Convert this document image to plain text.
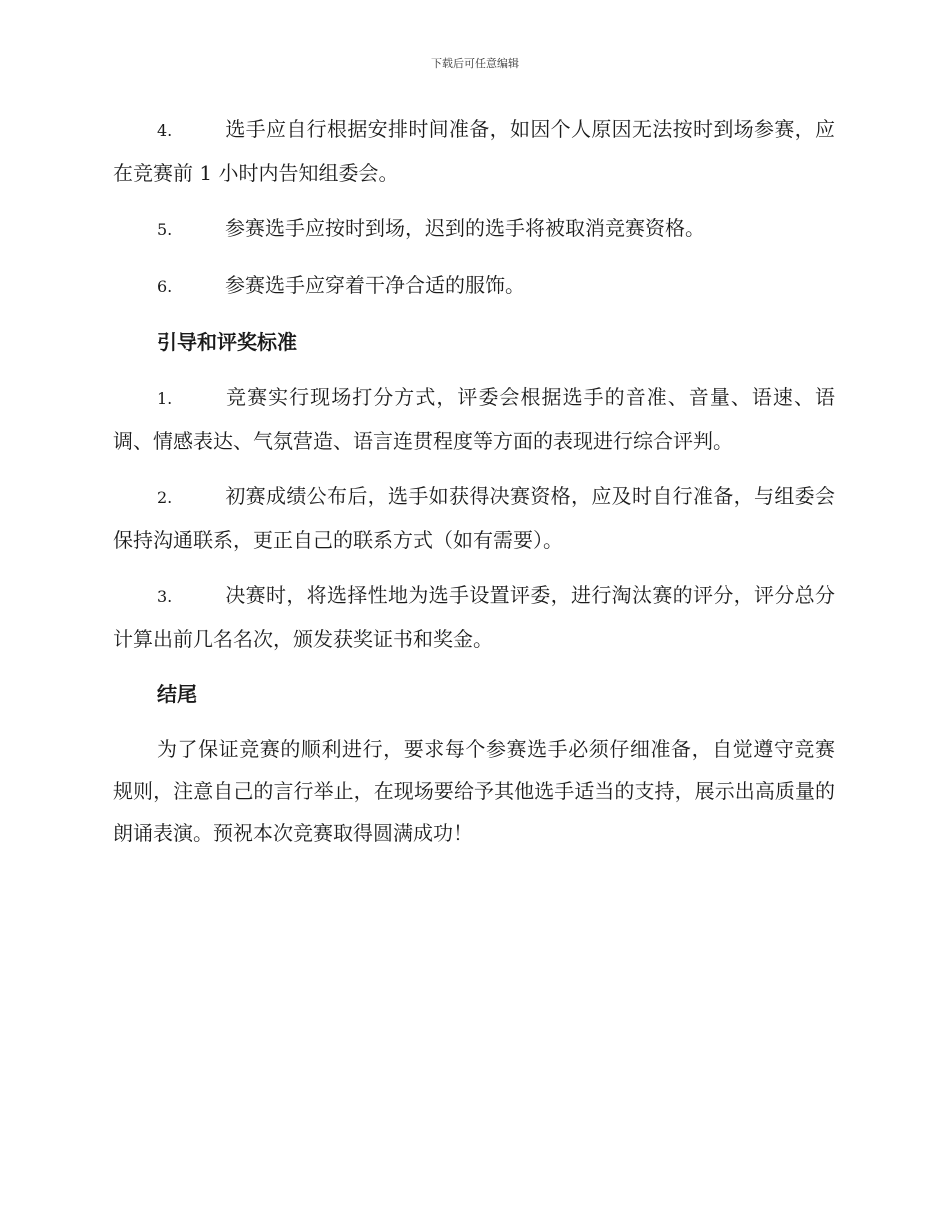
下载后可任意编辑

4.	选手应自行根据安排时间准备，如因个人原因无法按时到场参赛，应在竞赛前 1 小时内告知组委会。

5.	参赛选手应按时到场，迟到的选手将被取消竞赛资格。

6.	参赛选手应穿着干净合适的服饰。

引导和评奖标准

1.	竞赛实行现场打分方式，评委会根据选手的音准、音量、语速、语调、情感表达、气氛营造、语言连贯程度等方面的表现进行综合评判。

2.	初赛成绩公布后，选手如获得决赛资格，应及时自行准备，与组委会保持沟通联系，更正自己的联系方式（如有需要）。

3.	决赛时，将选择性地为选手设置评委，进行淘汰赛的评分，评分总分计算出前几名名次，颁发获奖证书和奖金。

结尾

为了保证竞赛的顺利进行，要求每个参赛选手必须仔细准备，自觉遵守竞赛规则，注意自己的言行举止，在现场要给予其他选手适当的支持，展示出高质量的朗诵表演。预祝本次竞赛取得圆满成功！
